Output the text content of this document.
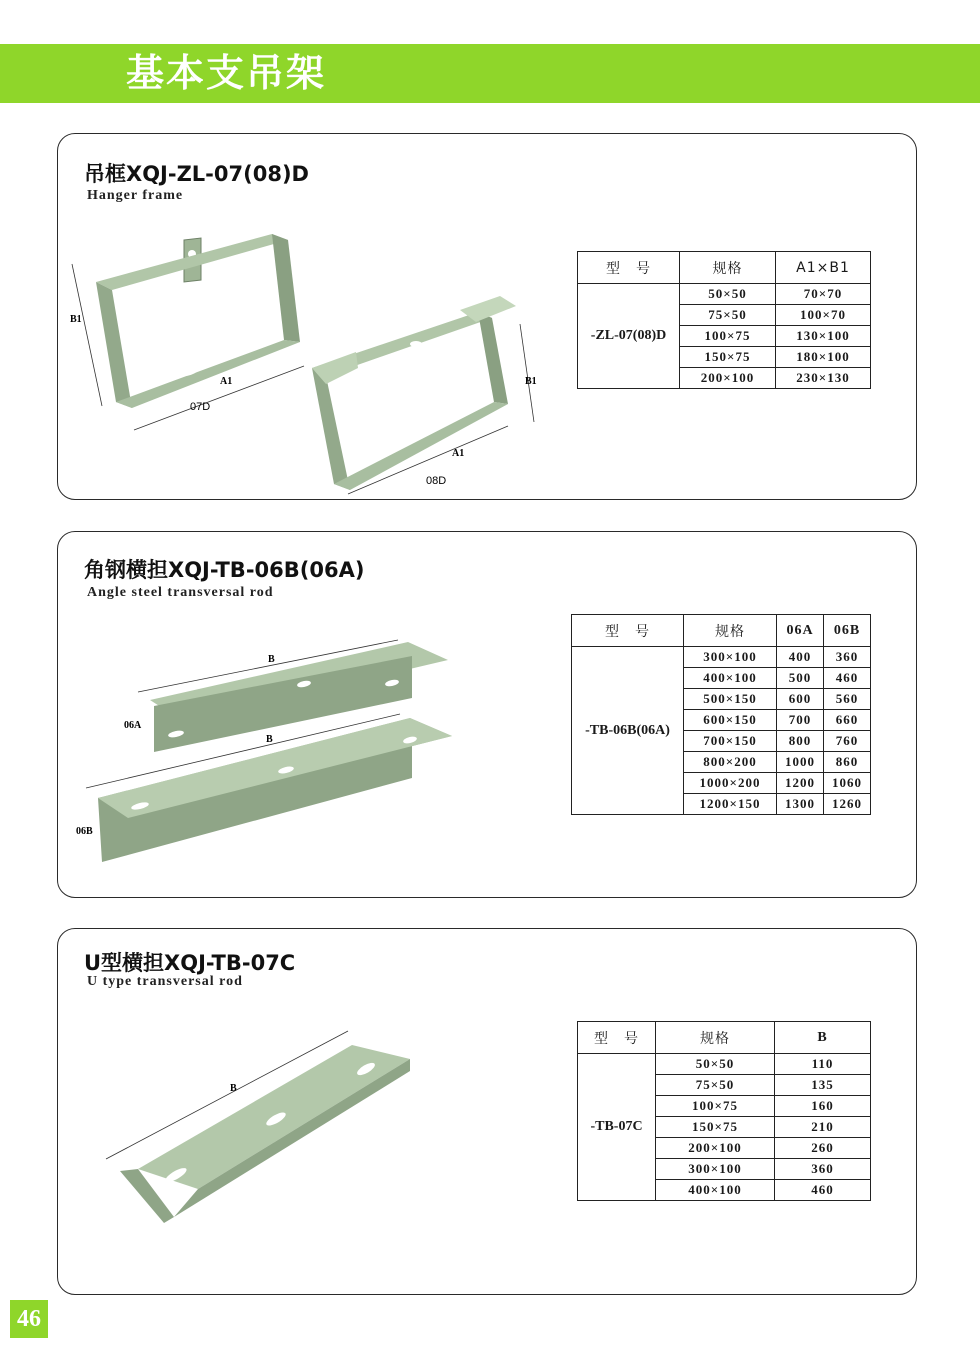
基本支吊架
吊框XQJ-ZL-07(08)D
Hanger frame
B1
A1
07D
B1
A1
08D
型　号	规格	A1×B1
-ZL-07(08)D	50×50	70×70
	75×50	100×70
	100×75	130×100
	150×75	180×100
	200×100	230×130
角钢横担XQJ-TB-06B(06A)
Angle steel transversal rod
B
06A
B
06B
型　号	规格	06A	06B
-TB-06B(06A)	300×100	400	360
	400×100	500	460
	500×150	600	560
	600×150	700	660
	700×150	800	760
	800×200	1000	860
	1000×200	1200	1060
	1200×150	1300	1260
U型横担XQJ-TB-07C
U type transversal rod
B
型　号	规格	B
-TB-07C	50×50	110
	75×50	135
	100×75	160
	150×75	210
	200×100	260
	300×100	360
	400×100	460
46
